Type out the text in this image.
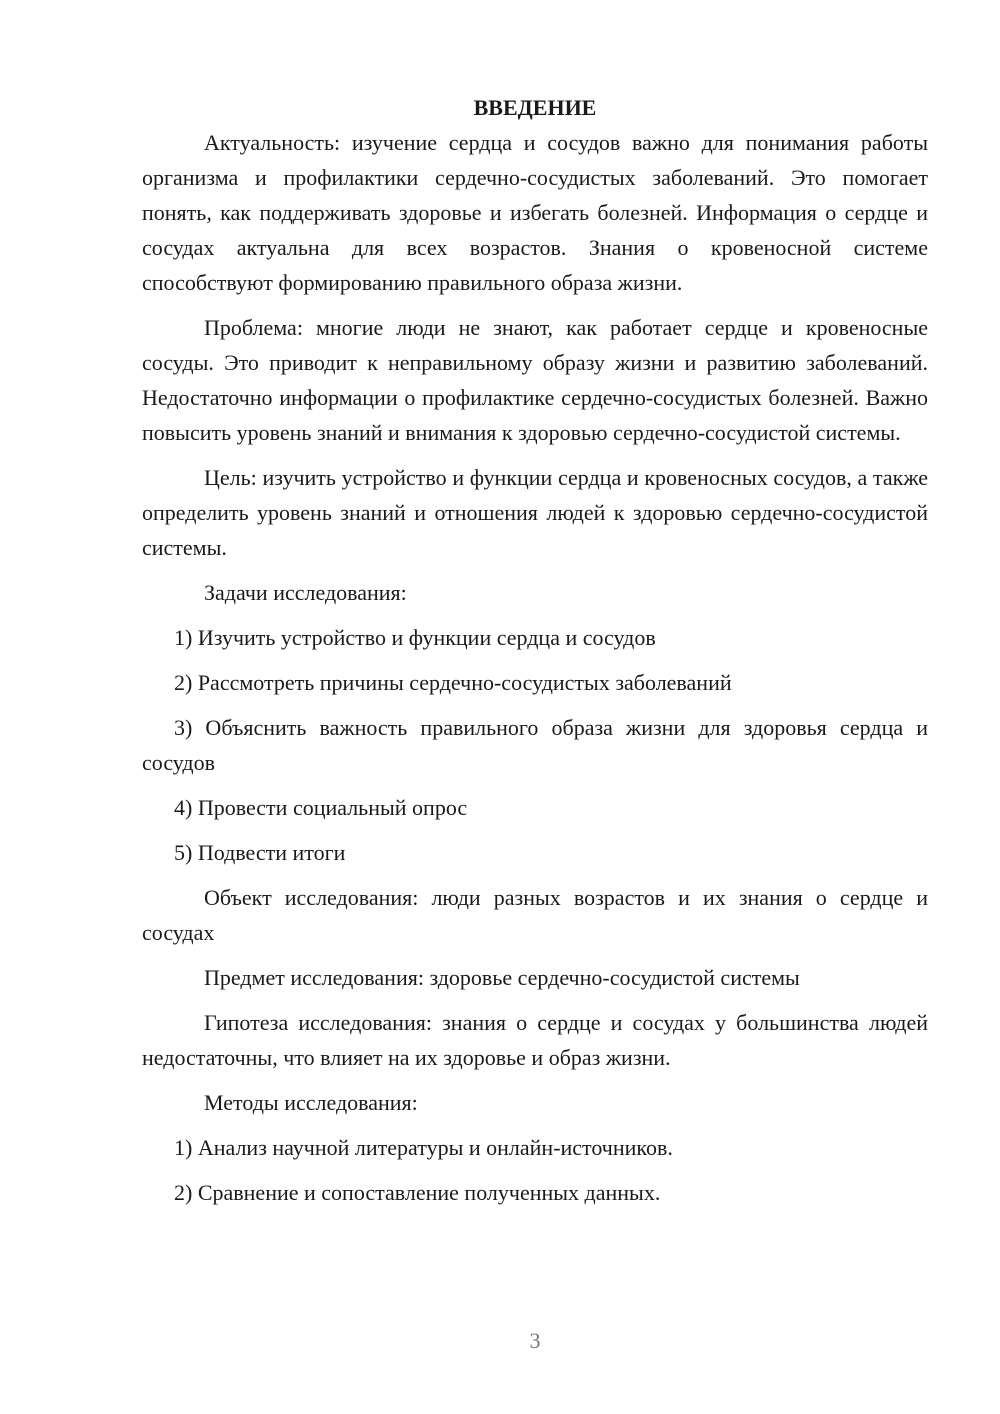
ВВЕДЕНИЕ

Актуальность: изучение сердца и сосудов важно для понимания работы организма и профилактики сердечно-сосудистых заболеваний. Это помогает понять, как поддерживать здоровье и избегать болезней. Информация о сердце и сосудах актуальна для всех возрастов. Знания о кровеносной системе способствуют формированию правильного образа жизни.

Проблема: многие люди не знают, как работает сердце и кровеносные сосуды. Это приводит к неправильному образу жизни и развитию заболеваний. Недостаточно информации о профилактике сердечно-сосудистых болезней. Важно повысить уровень знаний и внимания к здоровью сердечно-сосудистой системы.

Цель: изучить устройство и функции сердца и кровеносных сосудов, а также определить уровень знаний и отношения людей к здоровью сердечно-сосудистой системы.

Задачи исследования:

1) Изучить устройство и функции сердца и сосудов

2) Рассмотреть причины сердечно-сосудистых заболеваний

3) Объяснить важность правильного образа жизни для здоровья сердца и сосудов

4) Провести социальный опрос

5) Подвести итоги

Объект исследования: люди разных возрастов и их знания о сердце и сосудах

Предмет исследования: здоровье сердечно-сосудистой системы

Гипотеза исследования: знания о сердце и сосудах у большинства людей недостаточны, что влияет на их здоровье и образ жизни.

Методы исследования:

1) Анализ научной литературы и онлайн-источников.

2) Сравнение и сопоставление полученных данных.

3
